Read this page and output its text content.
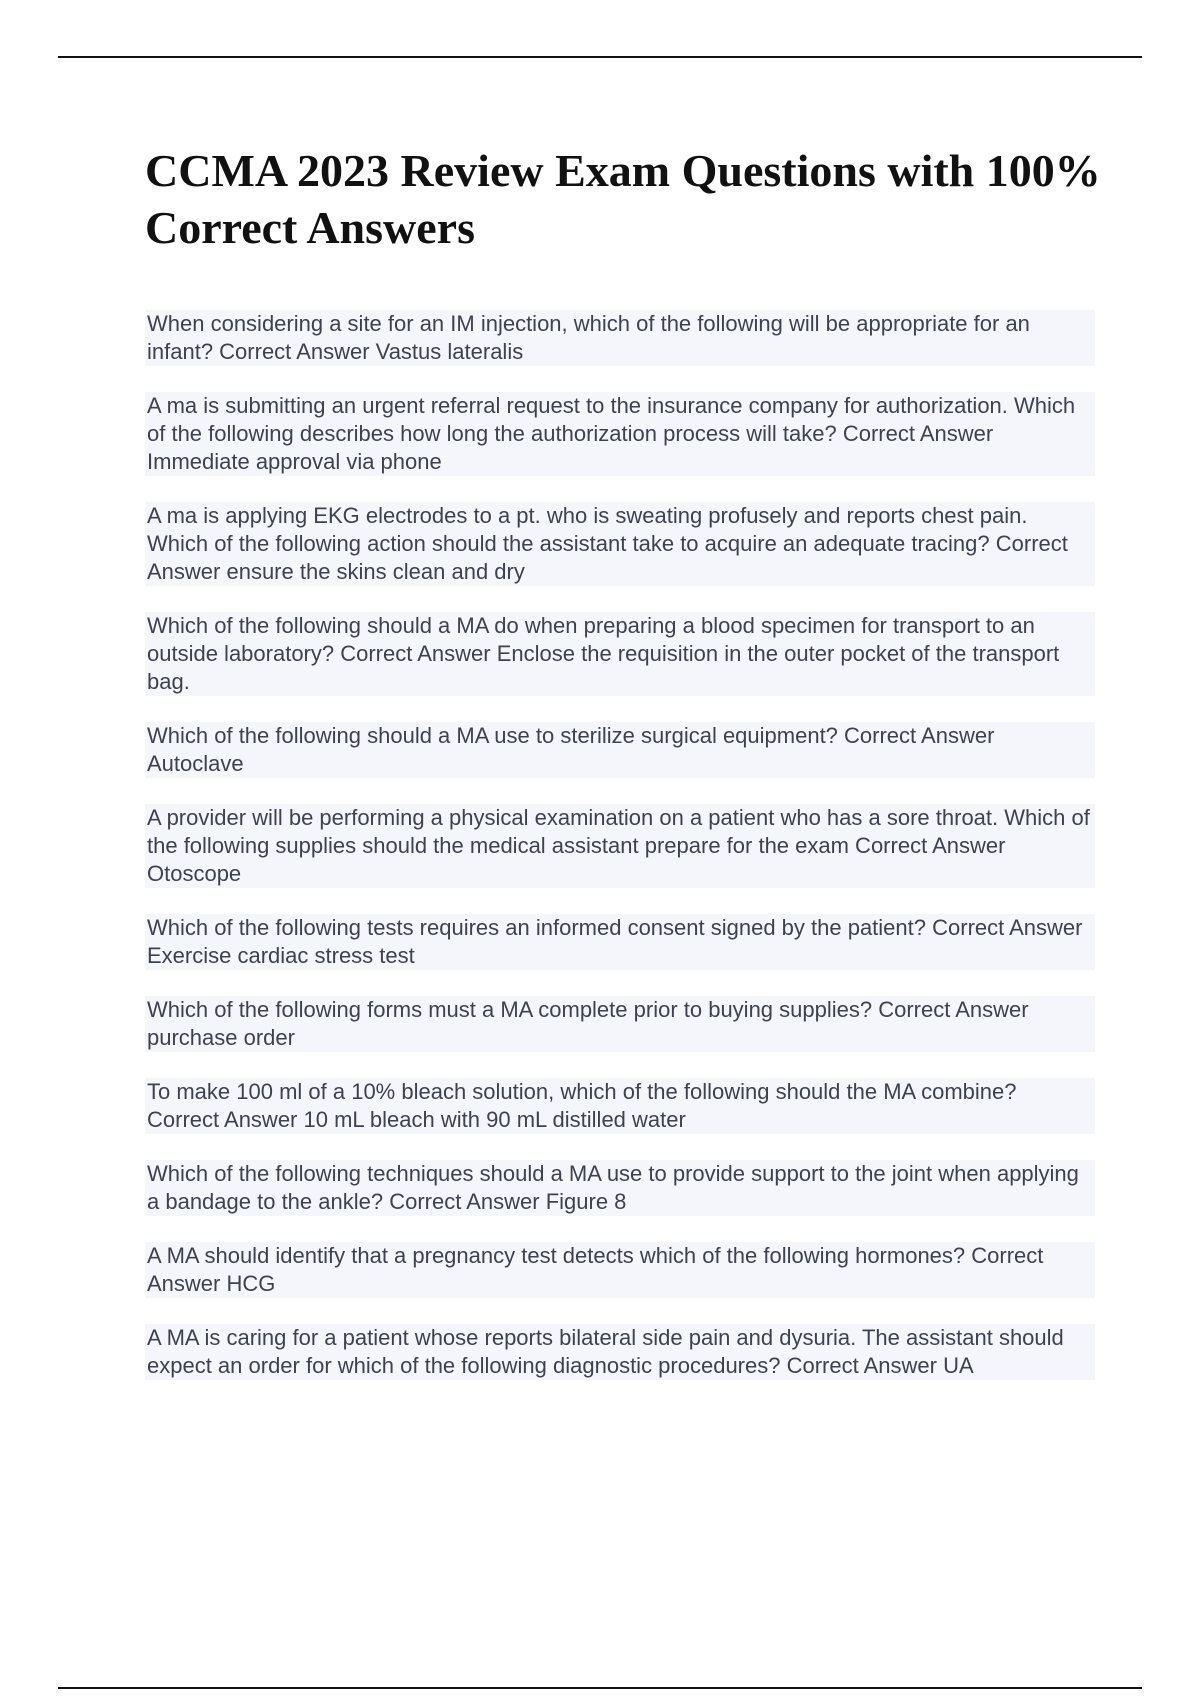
CCMA 2023 Review Exam Questions with 100% Correct Answers
When considering a site for an IM injection, which of the following will be appropriate for an infant? Correct Answer Vastus lateralis
A ma is submitting an urgent referral request to the insurance company for authorization. Which of the following describes how long the authorization process will take? Correct Answer Immediate approval via phone
A ma is applying EKG electrodes to a pt. who is sweating profusely and reports chest pain. Which of the following action should the assistant take to acquire an adequate tracing? Correct Answer ensure the skins clean and dry
Which of the following should a MA do when preparing a blood specimen for transport to an outside laboratory? Correct Answer Enclose the requisition in the outer pocket of the transport bag.
Which of the following should a MA use to sterilize surgical equipment? Correct Answer Autoclave
A provider will be performing a physical examination on a patient who has a sore throat. Which of the following supplies should the medical assistant prepare for the exam Correct Answer Otoscope
Which of the following tests requires an informed consent signed by the patient? Correct Answer Exercise cardiac stress test
Which of the following forms must a MA complete prior to buying supplies? Correct Answer purchase order
To make 100 ml of a 10% bleach solution, which of the following should the MA combine? Correct Answer 10 mL bleach with 90 mL distilled water
Which of the following techniques should a MA use to provide support to the joint when applying a bandage to the ankle? Correct Answer Figure 8
A MA should identify that a pregnancy test detects which of the following hormones? Correct Answer HCG
A MA is caring for a patient whose reports bilateral side pain and dysuria. The assistant should expect an order for which of the following diagnostic procedures? Correct Answer UA
